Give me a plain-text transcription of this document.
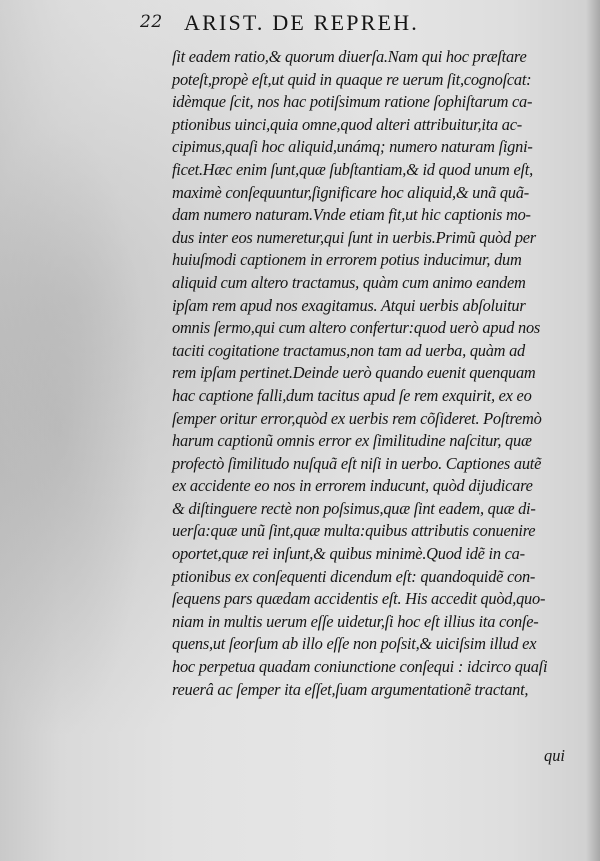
22 ARIST. DE REPREH.
ſit eadem ratio,& quorum diuerſa.Nam qui hoc præſtare
poteſt,propè eſt,ut quid in quaque re uerum ſit,cognoſcat:
idèmque ſcit, nos hac potiſsimum ratione ſophiſtarum ca-
ptionibus uinci,quia omne,quod alteri attribuitur,ita ac-
cipimus,quaſi hoc aliquid,unámq; numero naturam ſigni-
ficet.Hæc enim ſunt,quæ ſubſtantiam,& id quod unum eſt,
maximè conſequuntur,ſignificare hoc aliquid,& unã quã-
dam numero naturam.Vnde etiam fit,ut hic captionis mo-
dus inter eos numeretur,qui ſunt in uerbis.Primũ quòd per
huiuſmodi captionem in errorem potius inducimur, dum
aliquid cum altero tractamus, quàm cum animo eandem
ipſam rem apud nos exagitamus. Atqui uerbis abſoluitur
omnis ſermo,qui cum altero confertur:quod uerò apud nos
taciti cogitatione tractamus,non tam ad uerba, quàm ad
rem ipſam pertinet.Deinde uerò quando euenit quenquam
hac captione falli,dum tacitus apud ſe rem exquirit, ex eo
ſemper oritur error,quòd ex uerbis rem cõſideret. Poſtremò
harum captionũ omnis error ex ſimilitudine naſcitur, quæ
profectò ſimilitudo nuſquã eſt niſi in uerbo. Captiones autẽ
ex accidente eo nos in errorem inducunt, quòd dijudicare
& diſtinguere rectè non poſsimus,quæ ſint eadem, quæ di-
uerſa:quæ unũ ſint,quæ multa:quibus attributis conuenire
oportet,quæ rei inſunt,& quibus minimè.Quod idẽ in ca-
ptionibus ex conſequenti dicendum eſt: quandoquidẽ con-
ſequens pars quædam accidentis eſt. His accedit quòd,quo-
niam in multis uerum eſſe uidetur,ſi hoc eſt illius ita conſe-
quens,ut ſeorſum ab illo eſſe non poſsit,& uiciſsim illud ex
hoc perpetua quadam coniunctione conſequi : idcirco quaſi
reuerâ ac ſemper ita eſſet,ſuam argumentationẽ tractant,
qui
